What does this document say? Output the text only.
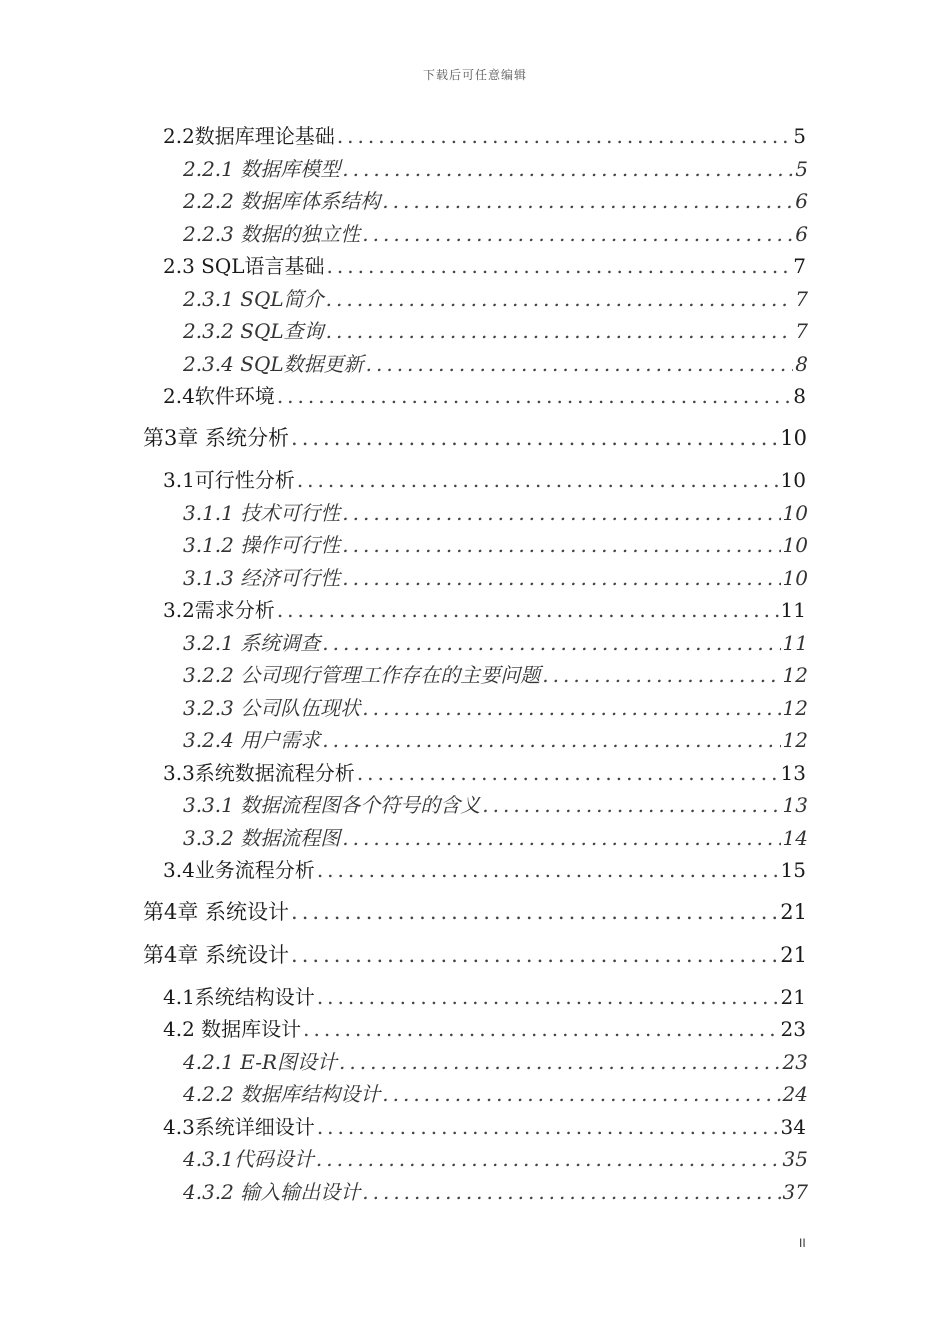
下载后可任意编辑
2.2数据库理论基础 .....	5
2.2.1 数据库模型 .....	5
2.2.2 数据库体系结构 .....	6
2.2.3 数据的独立性 .....	6
2.3 SQL语言基础 .....	7
2.3.1 SQL简介 .....	7
2.3.2 SQL查询 .....	7
2.3.4 SQL数据更新 .....	8
2.4软件环境 .....	8
第3章 系统分析 .....	10
3.1可行性分析 .....	10
3.1.1 技术可行性 .....	10
3.1.2 操作可行性 .....	10
3.1.3 经济可行性 .....	10
3.2需求分析 .....	11
3.2.1 系统调查 .....	11
3.2.2 公司现行管理工作存在的主要问题 .....	12
3.2.3 公司队伍现状 .....	12
3.2.4 用户需求 .....	12
3.3系统数据流程分析 .....	13
3.3.1 数据流程图各个符号的含义 .....	13
3.3.2 数据流程图 .....	14
3.4业务流程分析 .....	15
第4章 系统设计 .....	21
第4章 系统设计 .....	21
4.1系统结构设计 .....	21
4.2 数据库设计 .....	23
4.2.1 E-R图设计 .....	23
4.2.2 数据库结构设计 .....	24
4.3系统详细设计 .....	34
4.3.1代码设计 .....	35
4.3.2 输入输出设计 .....	37
II
